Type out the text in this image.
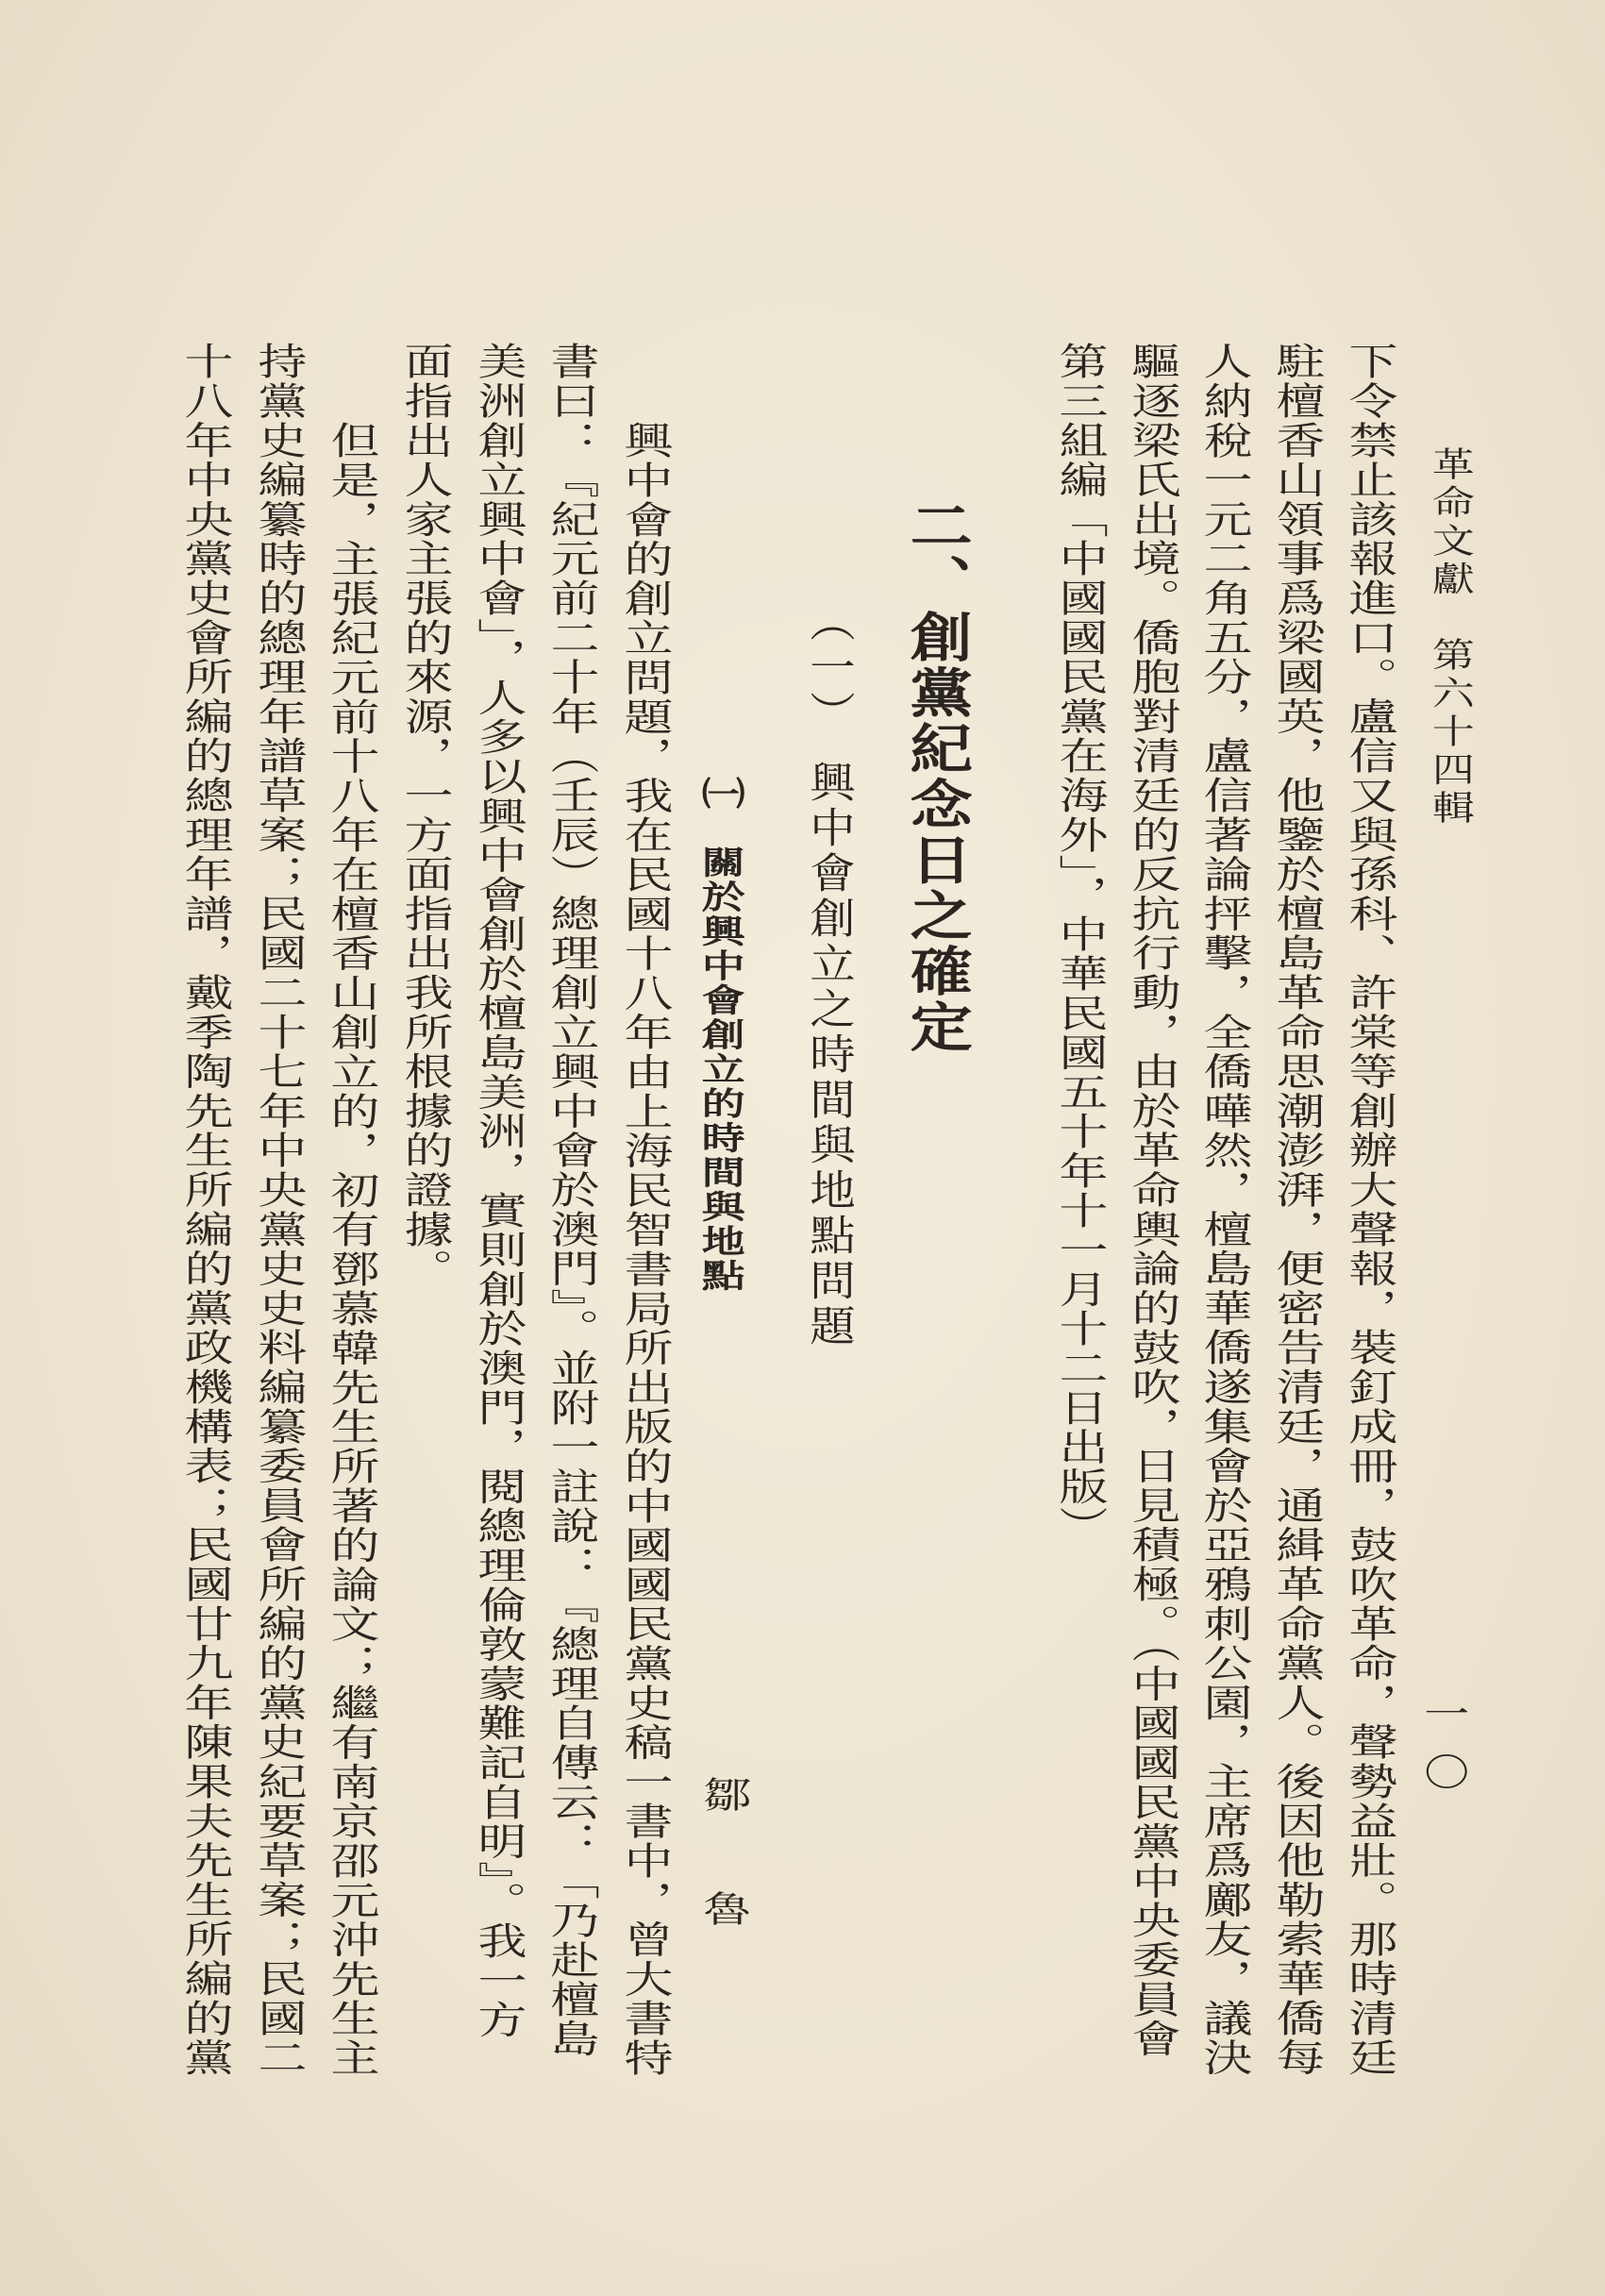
革命文獻　第六十四輯
一〇
下令禁止該報進口。盧信又與孫科、許棠等創辦大聲報，裝釘成冊，鼓吹革命，聲勢益壯。那時清廷
駐檀香山領事爲梁國英，他鑒於檀島革命思潮澎湃，便密告清廷，通緝革命黨人。後因他勒索華僑每
人納稅一元二角五分，盧信著論抨擊，全僑嘩然，檀島華僑遂集會於亞鴉刺公園，主席爲鄺友，議決
驅逐梁氏出境。僑胞對清廷的反抗行動，由於革命輿論的鼓吹，日見積極。（中國國民黨中央委員會
第三組編「中國國民黨在海外」，中華民國五十年十一月十二日出版）
二、創黨紀念日之確定
（一）　興中會創立之時間與地點問題
㈠　關於興中會創立的時間與地點
鄒　魯
興中會的創立問題，我在民國十八年由上海民智書局所出版的中國國民黨史稿一書中，曾大書特
書曰：『紀元前二十年（壬辰）總理創立興中會於澳門』。並附一註說：『總理自傳云：「乃赴檀島
美洲創立興中會」，人多以興中會創於檀島美洲，實則創於澳門，閱總理倫敦蒙難記自明』。我一方
面指出人家主張的來源，一方面指出我所根據的證據。
但是，主張紀元前十八年在檀香山創立的，初有鄧慕韓先生所著的論文；繼有南京邵元沖先生主
持黨史編纂時的總理年譜草案；民國二十七年中央黨史史料編纂委員會所編的黨史紀要草案；民國二
十八年中央黨史會所編的總理年譜，戴季陶先生所編的黨政機構表；民國廿九年陳果夫先生所編的黨
